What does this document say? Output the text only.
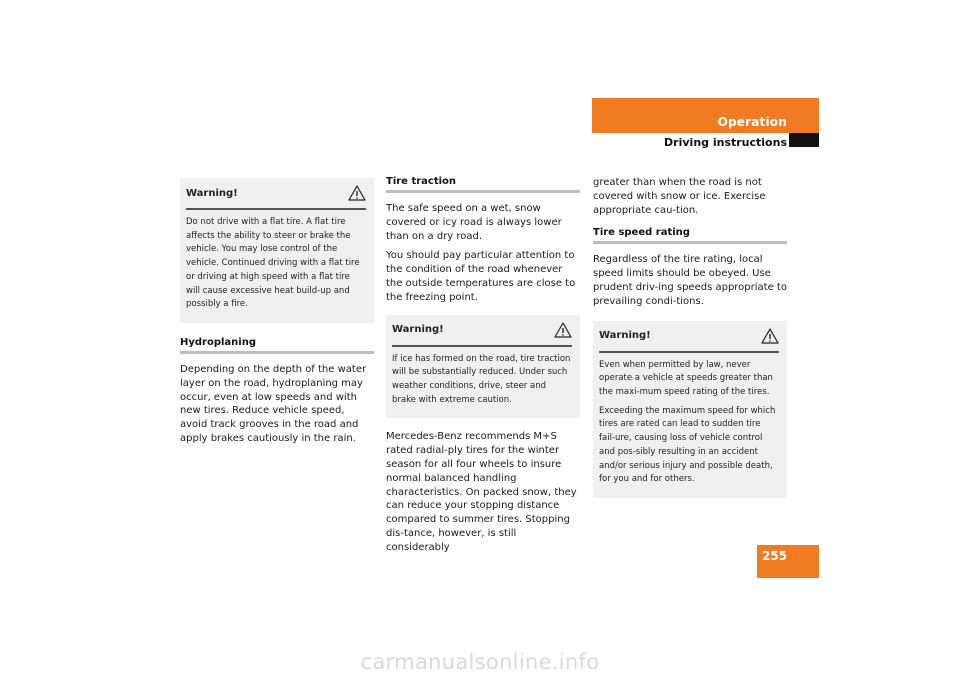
Operation
Driving instructions
Warning!

Do not drive with a flat tire. A flat tire affects the ability to steer or brake the vehicle. You may lose control of the vehicle. Continued driving with a flat tire or driving at high speed with a flat tire will cause excessive heat build-up and possibly a fire.

Hydroplaning

Depending on the depth of the water layer on the road, hydroplaning may occur, even at low speeds and with new tires. Reduce vehicle speed, avoid track grooves in the road and apply brakes cautiously in the rain.

Tire traction

The safe speed on a wet, snow covered or icy road is always lower than on a dry road.

You should pay particular attention to the condition of the road whenever the outside temperatures are close to the freezing point.

Warning!

If ice has formed on the road, tire traction will be substantially reduced. Under such weather conditions, drive, steer and brake with extreme caution.

Mercedes-Benz recommends M+S rated radial-ply tires for the winter season for all four wheels to insure normal balanced handling characteristics. On packed snow, they can reduce your stopping distance compared to summer tires. Stopping dis-tance, however, is still considerably

greater than when the road is not covered with snow or ice. Exercise appropriate cau-tion.

Tire speed rating

Regardless of the tire rating, local speed limits should be obeyed. Use prudent driv-ing speeds appropriate to prevailing condi-tions.

Warning!

Even when permitted by law, never operate a vehicle at speeds greater than the maxi-mum speed rating of the tires.

Exceeding the maximum speed for which tires are rated can lead to sudden tire fail-ure, causing loss of vehicle control and pos-sibly resulting in an accident and/or serious injury and possible death, for you and for others.

255
carmanualsonline.info
